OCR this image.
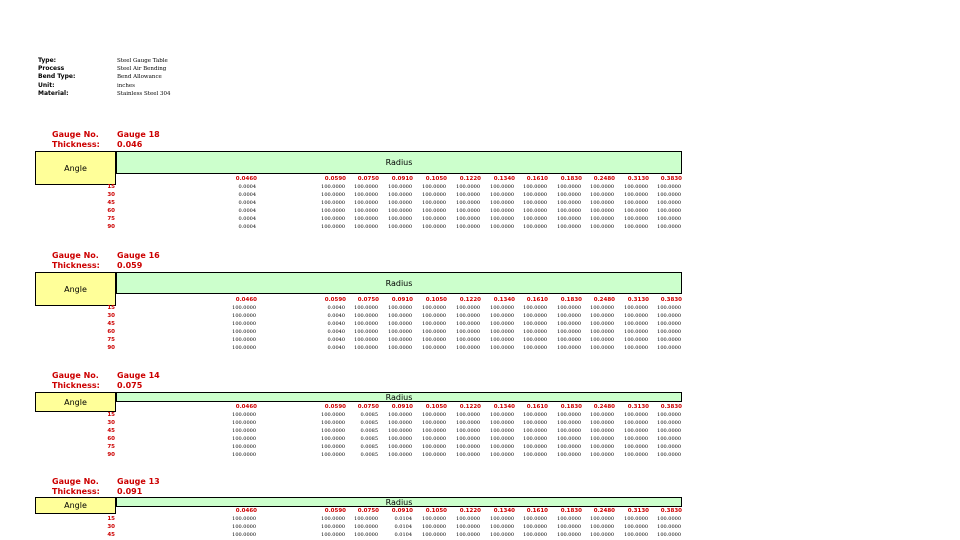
Type:	Steel Gauge Table
Process	Steel Air Bending
Bend Type:	Bend Allowance
Unit:	inches
Material:	Stainless Steel 304
Gauge No. Gauge 18
Thickness: 0.046
Angle
Radius
0.0460	0.0590	0.0750	0.0910	0.1050	0.1220	0.1340	0.1610	0.1830	0.2480	0.3130	0.3830
15	0.0004	100.0000	100.0000	100.0000	100.0000	100.0000	100.0000	100.0000	100.0000	100.0000	100.0000	100.0000
30	0.0004	100.0000	100.0000	100.0000	100.0000	100.0000	100.0000	100.0000	100.0000	100.0000	100.0000	100.0000
45	0.0004	100.0000	100.0000	100.0000	100.0000	100.0000	100.0000	100.0000	100.0000	100.0000	100.0000	100.0000
60	0.0004	100.0000	100.0000	100.0000	100.0000	100.0000	100.0000	100.0000	100.0000	100.0000	100.0000	100.0000
75	0.0004	100.0000	100.0000	100.0000	100.0000	100.0000	100.0000	100.0000	100.0000	100.0000	100.0000	100.0000
90	0.0004	100.0000	100.0000	100.0000	100.0000	100.0000	100.0000	100.0000	100.0000	100.0000	100.0000	100.0000
Gauge No. Gauge 16
Thickness: 0.059
Angle
Radius
0.0460	0.0590	0.0750	0.0910	0.1050	0.1220	0.1340	0.1610	0.1830	0.2480	0.3130	0.3830
15	100.0000	0.0040	100.0000	100.0000	100.0000	100.0000	100.0000	100.0000	100.0000	100.0000	100.0000	100.0000
30	100.0000	0.0040	100.0000	100.0000	100.0000	100.0000	100.0000	100.0000	100.0000	100.0000	100.0000	100.0000
45	100.0000	0.0040	100.0000	100.0000	100.0000	100.0000	100.0000	100.0000	100.0000	100.0000	100.0000	100.0000
60	100.0000	0.0040	100.0000	100.0000	100.0000	100.0000	100.0000	100.0000	100.0000	100.0000	100.0000	100.0000
75	100.0000	0.0040	100.0000	100.0000	100.0000	100.0000	100.0000	100.0000	100.0000	100.0000	100.0000	100.0000
90	100.0000	0.0040	100.0000	100.0000	100.0000	100.0000	100.0000	100.0000	100.0000	100.0000	100.0000	100.0000
Gauge No. Gauge 14
Thickness: 0.075
Angle
Radius
0.0460	0.0590	0.0750	0.0910	0.1050	0.1220	0.1340	0.1610	0.1830	0.2480	0.3130	0.3830
15	100.0000	100.0000	0.0085	100.0000	100.0000	100.0000	100.0000	100.0000	100.0000	100.0000	100.0000	100.0000
30	100.0000	100.0000	0.0085	100.0000	100.0000	100.0000	100.0000	100.0000	100.0000	100.0000	100.0000	100.0000
45	100.0000	100.0000	0.0085	100.0000	100.0000	100.0000	100.0000	100.0000	100.0000	100.0000	100.0000	100.0000
60	100.0000	100.0000	0.0085	100.0000	100.0000	100.0000	100.0000	100.0000	100.0000	100.0000	100.0000	100.0000
75	100.0000	100.0000	0.0085	100.0000	100.0000	100.0000	100.0000	100.0000	100.0000	100.0000	100.0000	100.0000
90	100.0000	100.0000	0.0085	100.0000	100.0000	100.0000	100.0000	100.0000	100.0000	100.0000	100.0000	100.0000
Gauge No. Gauge 13
Thickness: 0.091
Angle	Radius
0.0460	0.0590	0.0750	0.0910	0.1050	0.1220	0.1340	0.1610	0.1830	0.2480	0.3130	0.3830
15	100.0000	100.0000	100.0000	0.0104	100.0000	100.0000	100.0000	100.0000	100.0000	100.0000	100.0000	100.0000
30	100.0000	100.0000	100.0000	0.0104	100.0000	100.0000	100.0000	100.0000	100.0000	100.0000	100.0000	100.0000
45	100.0000	100.0000	100.0000	0.0104	100.0000	100.0000	100.0000	100.0000	100.0000	100.0000	100.0000	100.0000
